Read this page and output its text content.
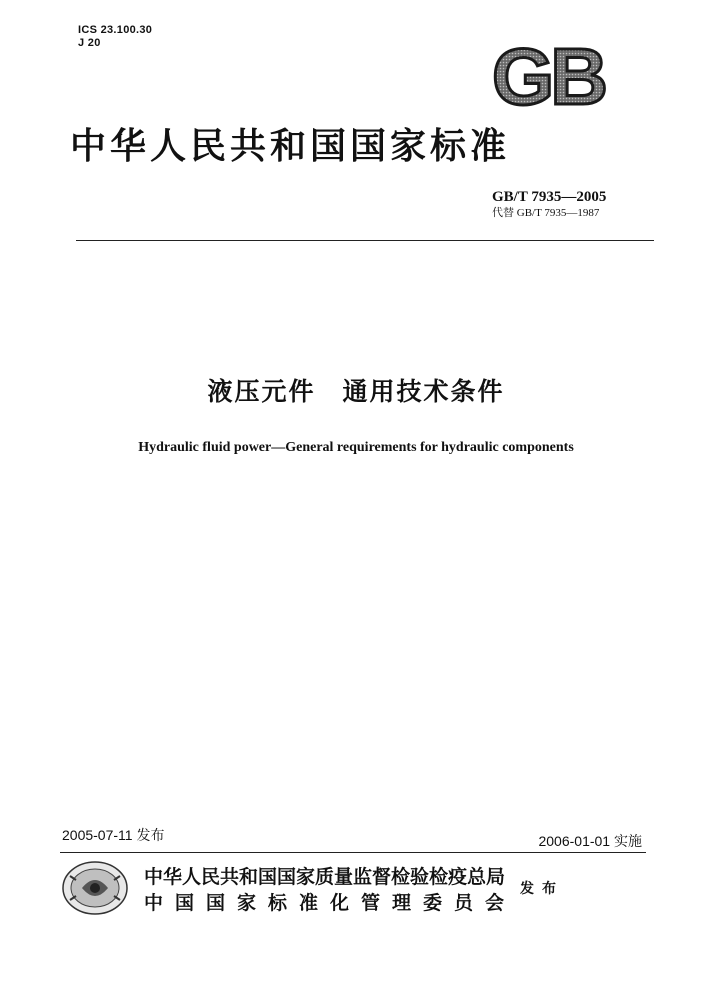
ICS 23.100.30
J 20	GB
中华人民共和国国家标准
GB/T 7935—2005
代替 GB/T 7935—1987
液压元件　通用技术条件
Hydraulic fluid power—General requirements for hydraulic components
2005-07-11 发布	2006-01-01 实施
中华人民共和国国家质量监督检验检疫总局
中国国家标准化管理委员会
发布
